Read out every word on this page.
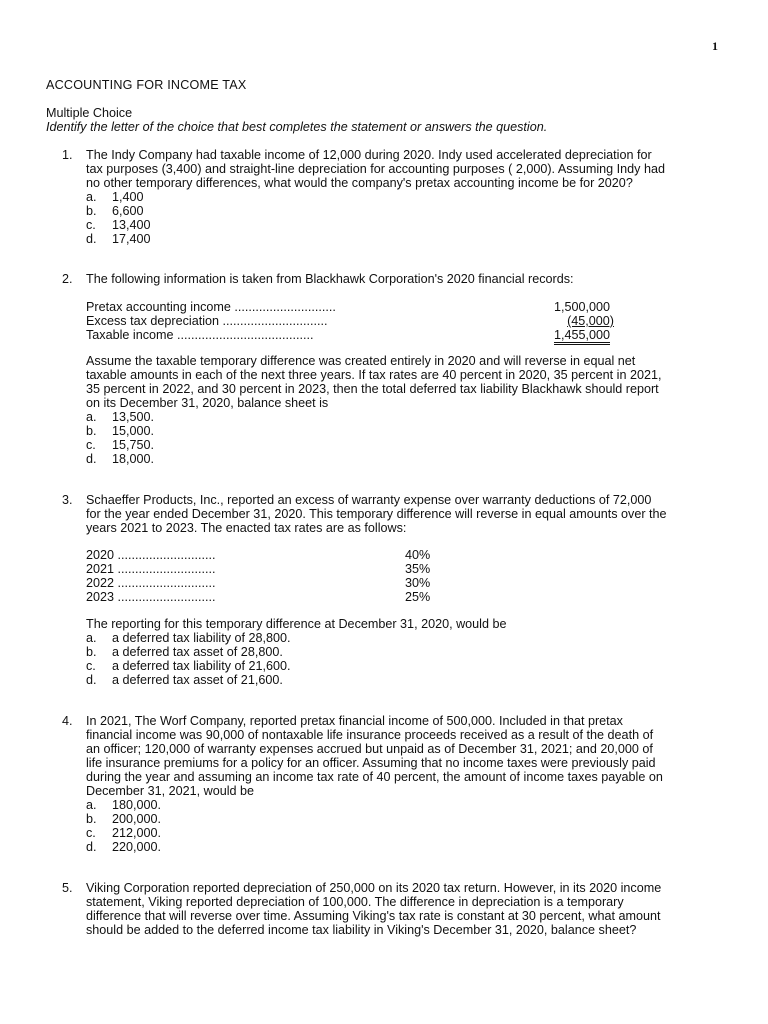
1
ACCOUNTING FOR INCOME TAX
Multiple Choice
Identify the letter of the choice that best completes the statement or answers the question.
1. The Indy Company had taxable income of 12,000 during 2020. Indy used accelerated depreciation for
tax purposes (3,400) and straight-line depreciation for accounting purposes ( 2,000). Assuming Indy had
no other temporary differences, what would the company's pretax accounting income be for 2020?
a. 1,400
b. 6,600
c. 13,400
d. 17,400
2. The following information is taken from Blackhawk Corporation's 2020 financial records:
Pretax accounting income .............................	1,500,000
Excess tax depreciation ..............................	(45,000)
Taxable income .......................................	1,455,000
Assume the taxable temporary difference was created entirely in 2020 and will reverse in equal net
taxable amounts in each of the next three years. If tax rates are 40 percent in 2020, 35 percent in 2021,
35 percent in 2022, and 30 percent in 2023, then the total deferred tax liability Blackhawk should report
on its December 31, 2020, balance sheet is
a. 13,500.
b. 15,000.
c. 15,750.
d. 18,000.
3. Schaeffer Products, Inc., reported an excess of warranty expense over warranty deductions of 72,000
for the year ended December 31, 2020. This temporary difference will reverse in equal amounts over the
years 2021 to 2023. The enacted tax rates are as follows:
2020 ............................	40%
2021 ............................	35%
2022 ............................	30%
2023 ............................	25%
The reporting for this temporary difference at December 31, 2020, would be
a. a deferred tax liability of 28,800.
b. a deferred tax asset of 28,800.
c. a deferred tax liability of 21,600.
d. a deferred tax asset of 21,600.
4. In 2021, The Worf Company, reported pretax financial income of 500,000. Included in that pretax
financial income was 90,000 of nontaxable life insurance proceeds received as a result of the death of
an officer; 120,000 of warranty expenses accrued but unpaid as of December 31, 2021; and 20,000 of
life insurance premiums for a policy for an officer. Assuming that no income taxes were previously paid
during the year and assuming an income tax rate of 40 percent, the amount of income taxes payable on
December 31, 2021, would be
a. 180,000.
b. 200,000.
c. 212,000.
d. 220,000.
5. Viking Corporation reported depreciation of 250,000 on its 2020 tax return. However, in its 2020 income
statement, Viking reported depreciation of 100,000. The difference in depreciation is a temporary
difference that will reverse over time. Assuming Viking's tax rate is constant at 30 percent, what amount
should be added to the deferred income tax liability in Viking's December 31, 2020, balance sheet?
